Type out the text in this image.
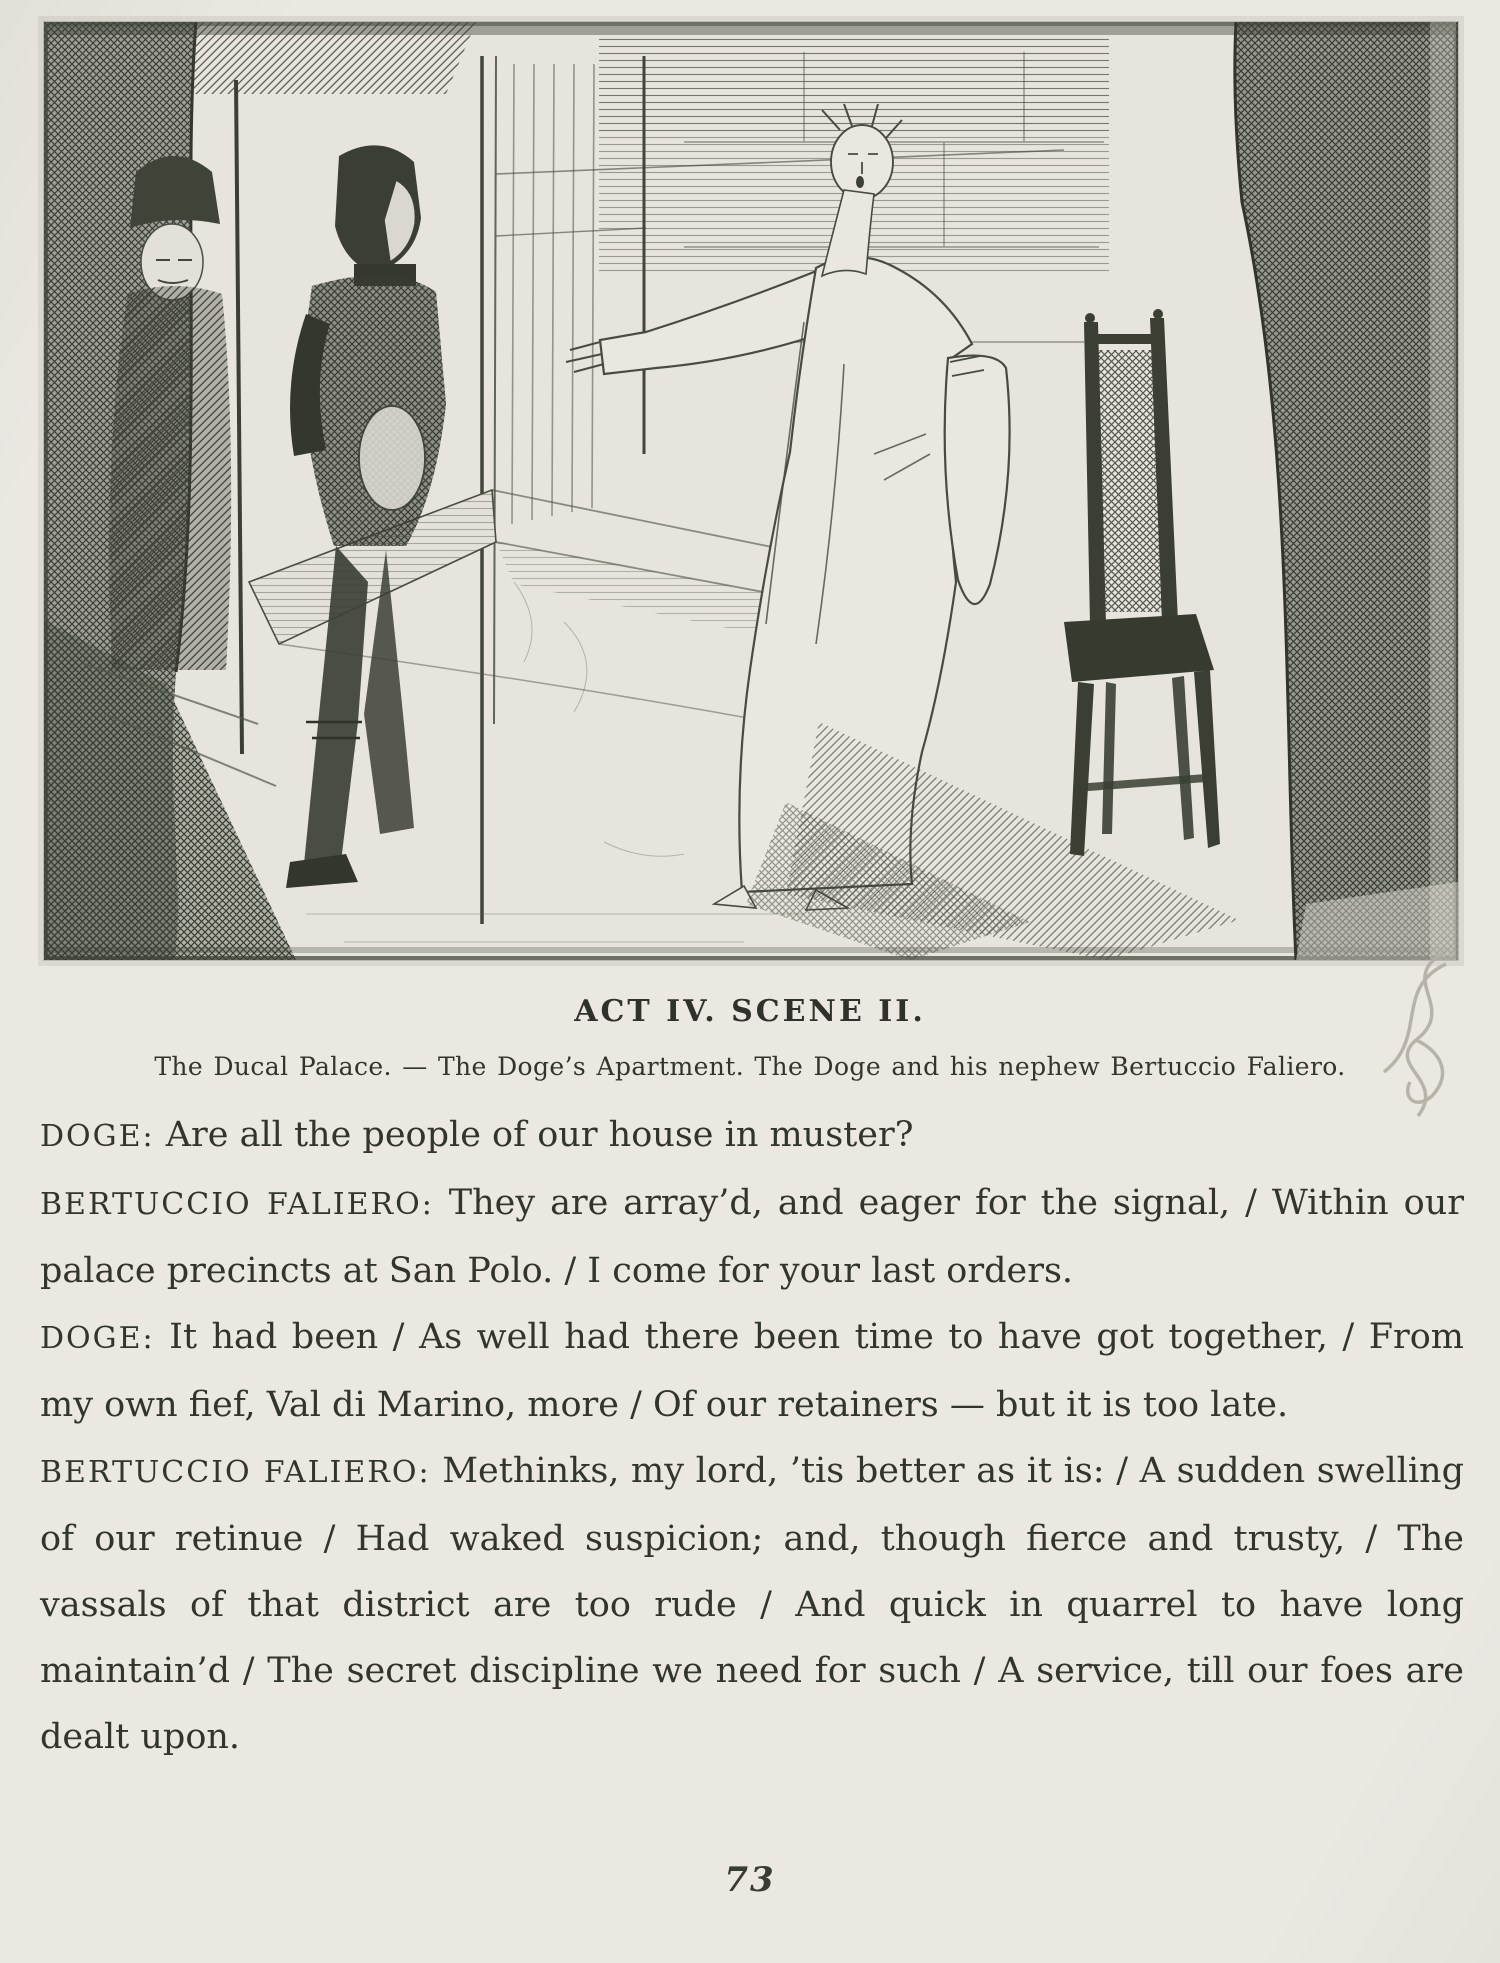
ACT IV. SCENE II.

The Ducal Palace. — The Doge’s Apartment. The Doge and his nephew Bertuccio Faliero.

DOGE: Are all the people of our house in muster?

BERTUCCIO FALIERO: They are array’d, and eager for the signal, / Within our palace precincts at San Polo. / I come for your last orders.

DOGE: It had been / As well had there been time to have got together, / From my own fief, Val di Marino, more / Of our retainers — but it is too late.

BERTUCCIO FALIERO: Methinks, my lord, ’tis better as it is: / A sudden swelling of our retinue / Had waked suspicion; and, though fierce and trusty, / The vassals of that district are too rude / And quick in quarrel to have long maintain’d / The secret discipline we need for such / A service, till our foes are dealt upon.

73
